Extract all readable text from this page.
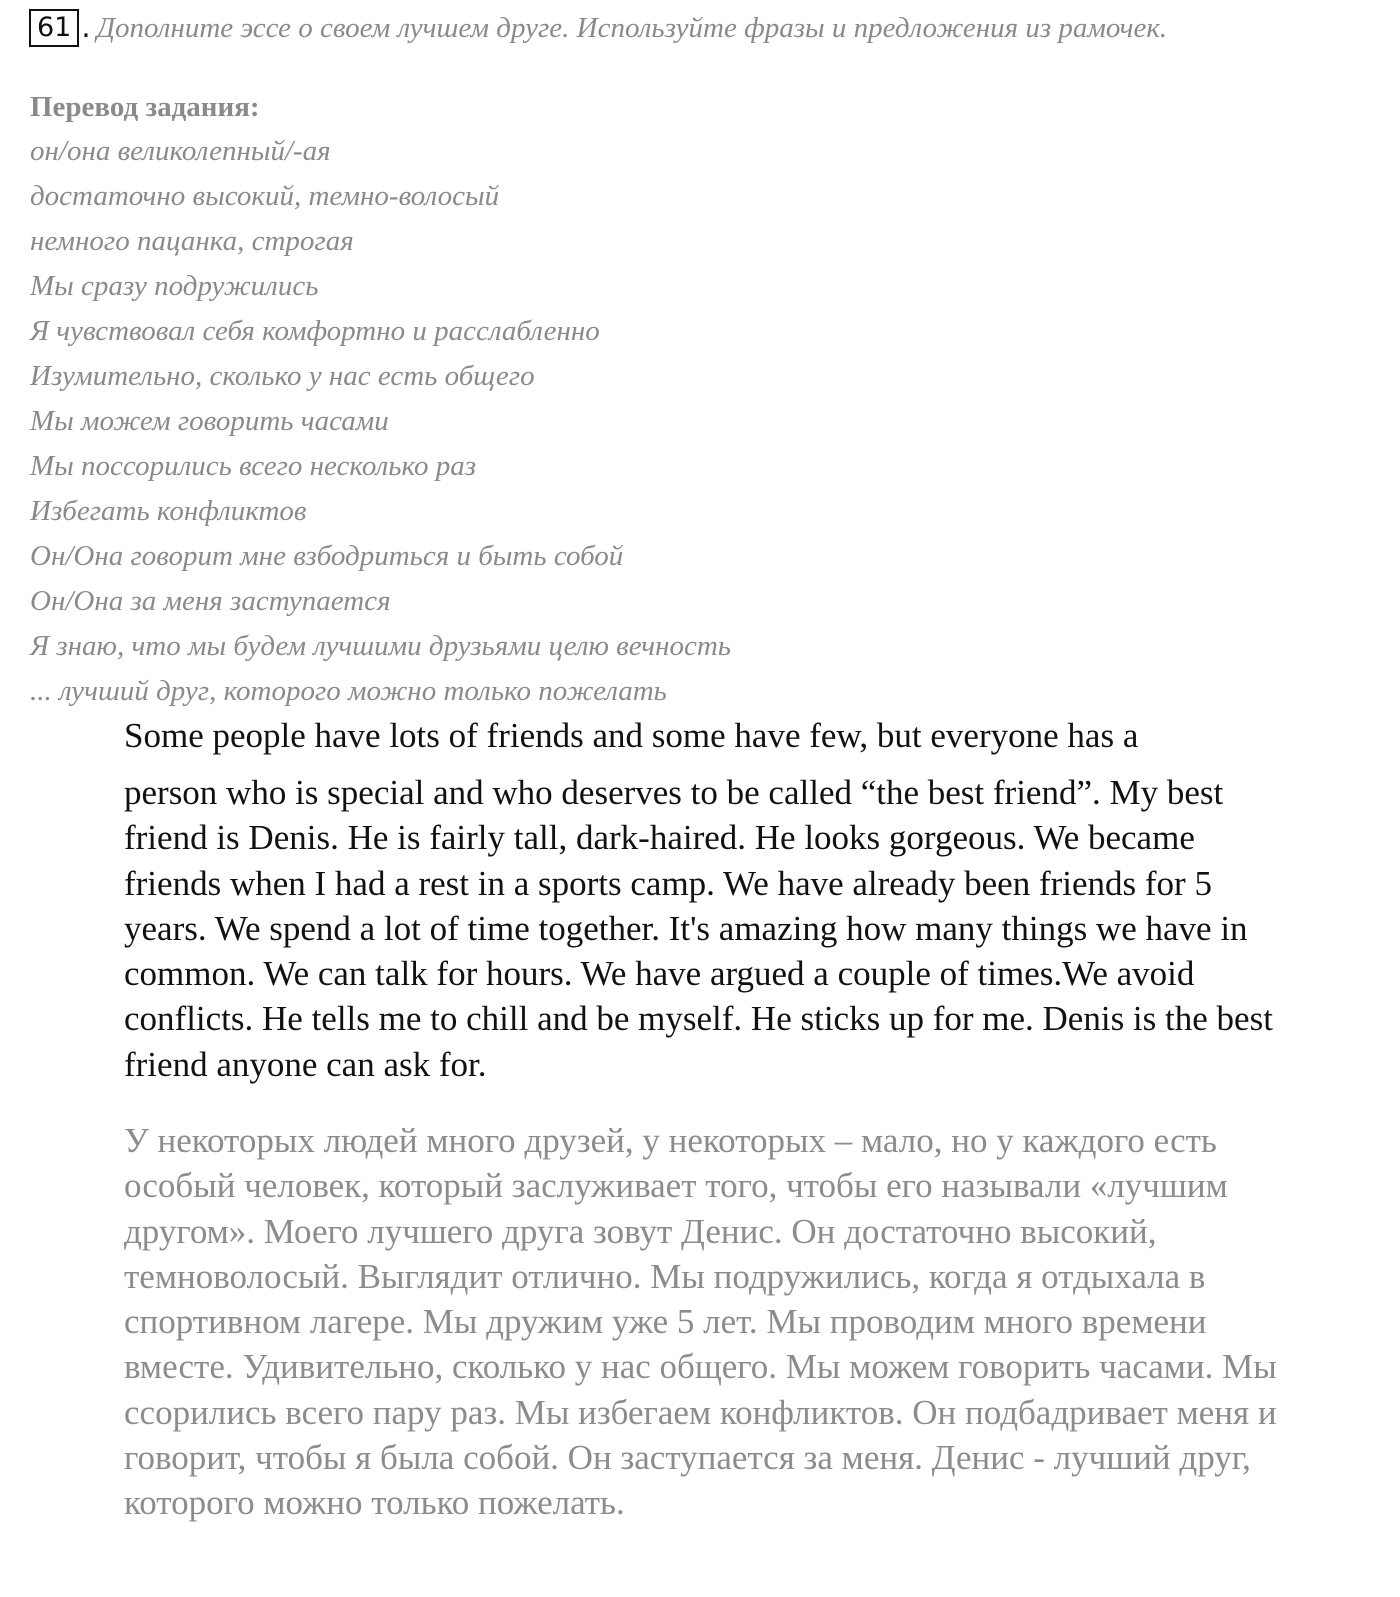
61 . Дополните эссе о своем лучшем друге. Используйте фразы и предложения из рамочек.
Перевод задания:
он/она великолепный/-ая
достаточно высокий, темно-волосый
немного пацанка, строгая
Мы сразу подружились
Я чувствовал себя комфортно и расслабленно
Изумительно, сколько у нас есть общего
Мы можем говорить часами
Мы поссорились всего несколько раз
Избегать конфликтов
Он/Она говорит мне взбодриться и быть собой
Он/Она за меня заступается
Я знаю, что мы будем лучшими друзьями целю вечность
... лучший друг, которого можно только пожелать
Some people have lots of friends and some have few, but everyone has a
person who is special and who deserves to be called “the best friend”. My best friend is Denis. He is fairly tall, dark-haired. He looks gorgeous. We became friends when I had a rest in a sports camp. We have already been friends for 5 years. We spend a lot of time together. It's amazing how many things we have in common. We can talk for hours. We have argued a couple of times.We avoid conflicts. He tells me to chill and be myself. He sticks up for me. Denis is the best friend anyone can ask for.
У некоторых людей много друзей, у некоторых – мало, но у каждого есть особый человек, который заслуживает того, чтобы его называли «лучшим другом». Моего лучшего друга зовут Денис. Он достаточно высокий, темноволосый. Выглядит отлично. Мы подружились, когда я отдыхала в спортивном лагере. Мы дружим уже 5 лет. Мы проводим много времени вместе. Удивительно, сколько у нас общего. Мы можем говорить часами. Мы ссорились всего пару раз. Мы избегаем конфликтов. Он подбадривает меня и говорит, чтобы я была собой. Он заступается за меня. Денис - лучший друг, которого можно только пожелать.
